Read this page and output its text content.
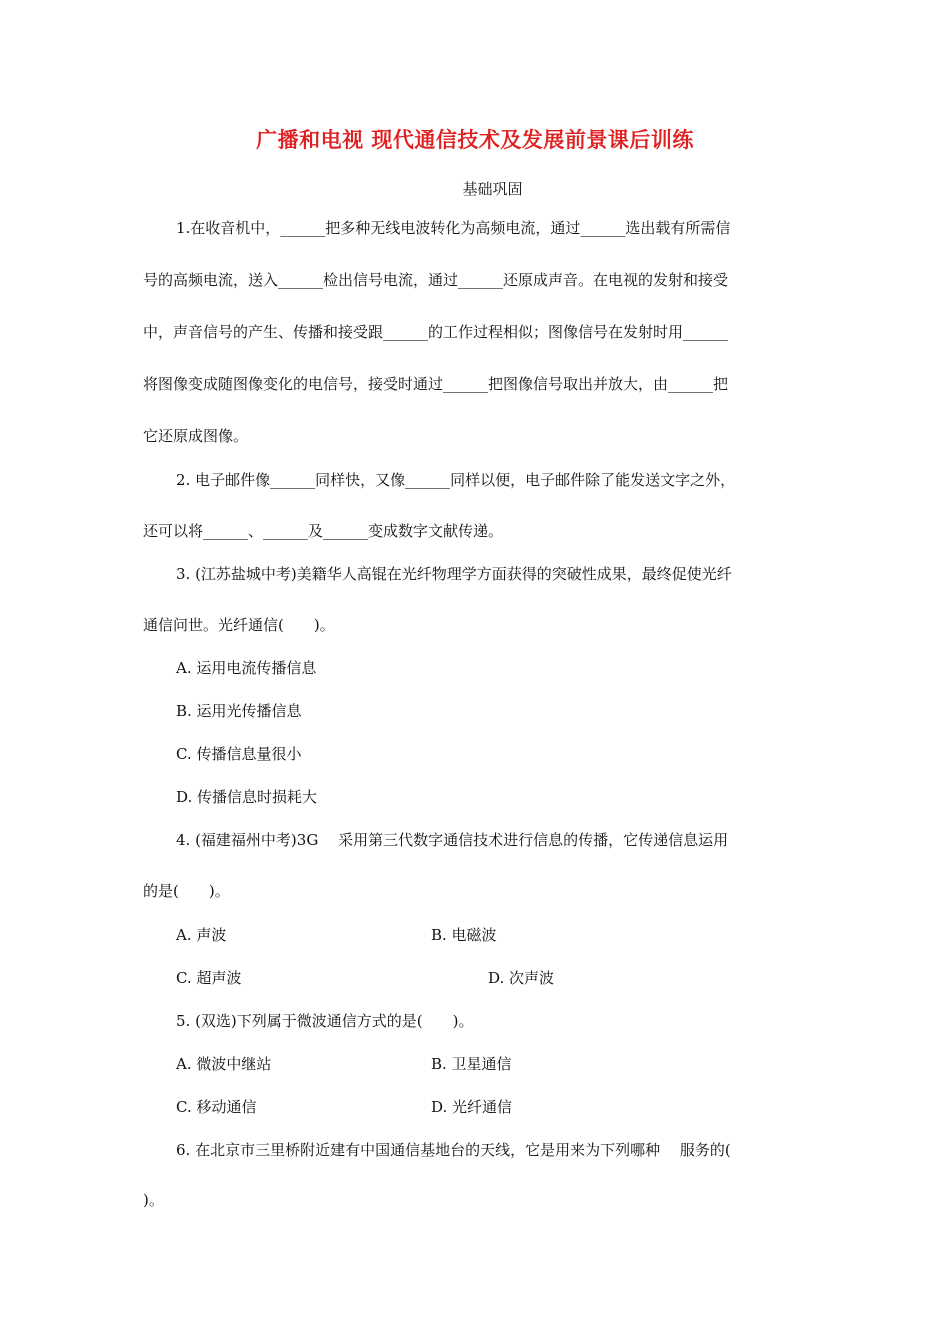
广播和电视 现代通信技术及发展前景课后训练
基础巩固
1.在收音机中，______把多种无线电波转化为高频电流，通过______选出载有所需信
号的高频电流，送入______检出信号电流，通过______还原成声音。在电视的发射和接受
中，声音信号的产生、传播和接受跟______的工作过程相似；图像信号在发射时用______
将图像变成随图像变化的电信号，接受时通过______把图像信号取出并放大，由______把
它还原成图像。
2. 电子邮件像______同样快，又像______同样以便，电子邮件除了能发送文字之外，
还可以将______、______及______变成数字文献传递。
3. (江苏盐城中考)美籍华人高锟在光纤物理学方面获得的突破性成果，最终促使光纤
通信问世。光纤通信(　　)。
A. 运用电流传播信息
B. 运用光传播信息
C. 传播信息量很小
D. 传播信息时损耗大
4. (福建福州中考)3G　 采用第三代数字通信技术进行信息的传播，它传递信息运用
的是(　　)。
A. 声波	B. 电磁波
C. 超声波	D. 次声波
5. (双选)下列属于微波通信方式的是(　　)。
A. 微波中继站	B. 卫星通信
C. 移动通信	D. 光纤通信
6. 在北京市三里桥附近建有中国通信基地台的天线，它是用来为下列哪种　 服务的(
)。
